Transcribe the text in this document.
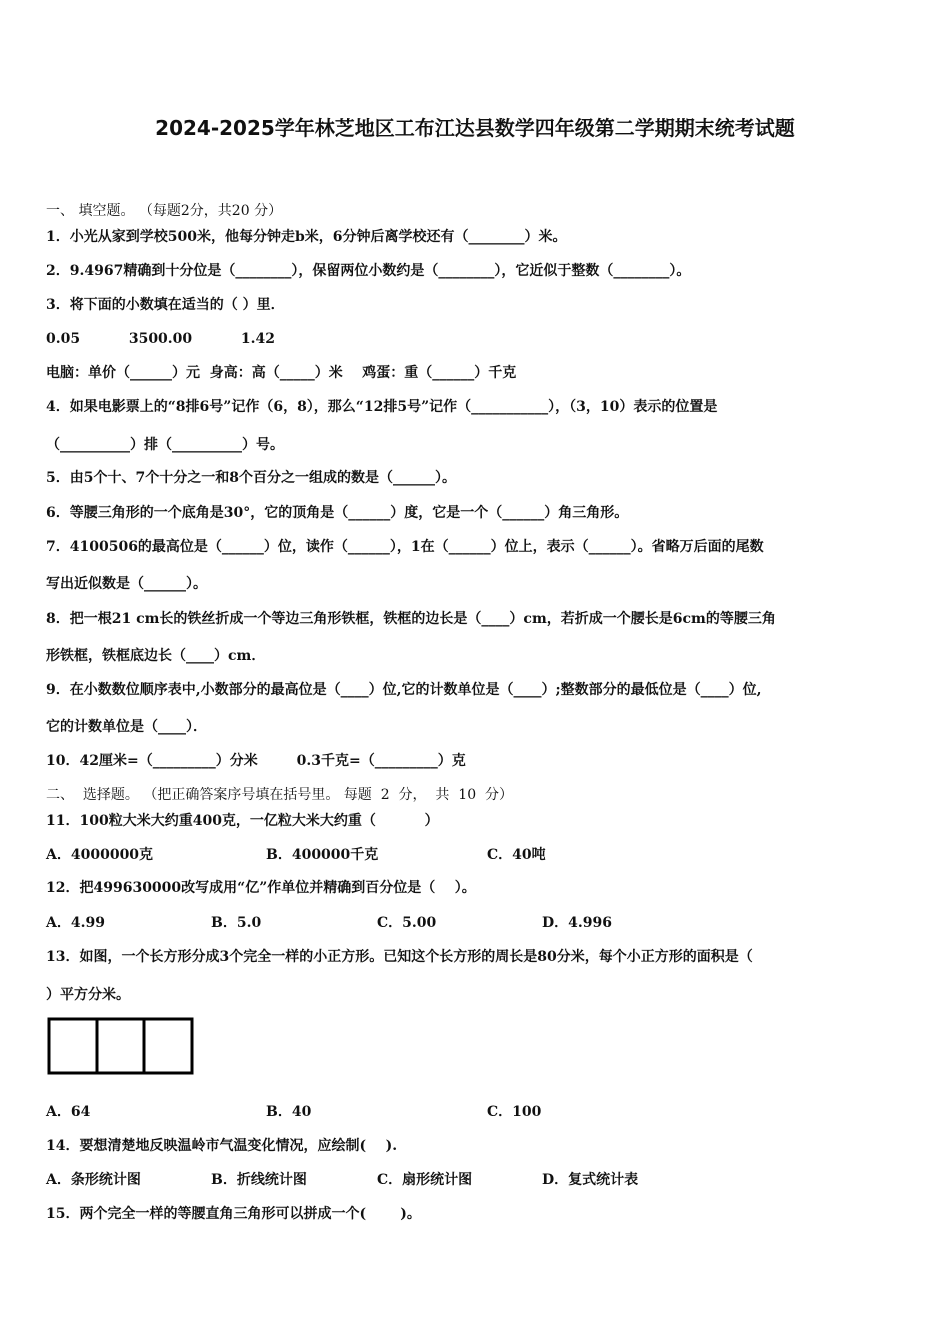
2024-2025学年林芝地区工布江达县数学四年级第二学期期末统考试题
一、 填空题。 （每题2分，共20 分）
1．小光从家到学校500米，他每分钟走b米，6分钟后离学校还有（________）米。
2．9.4967精确到十分位是（________），保留两位小数约是（________），它近似于整数（________）。
3．将下面的小数填在适当的（ ）里．
0.05          3500.00          1.42
电脑：单价（______）元  身高：高（_____）米    鸡蛋：重（______）千克
4．如果电影票上的“8排6号”记作（6，8），那么“12排5号”记作（___________），（3，10）表示的位置是
（__________）排（__________）号。
5．由5个十、7个十分之一和8个百分之一组成的数是（______）。
6．等腰三角形的一个底角是30°，它的顶角是（______）度，它是一个（______）角三角形。
7．4100506的最高位是（______）位，读作（______），1在（______）位上，表示（______）。省略万后面的尾数
写出近似数是（______）。
8．把一根21 cm长的铁丝折成一个等边三角形铁框，铁框的边长是（____）cm，若折成一个腰长是6cm的等腰三角
形铁框，铁框底边长（____）cm．
9．在小数数位顺序表中,小数部分的最高位是（____）位,它的计数单位是（____）;整数部分的最低位是（____）位,
它的计数单位是（____）．
10．42厘米=（_________）分米        0.3千克=（_________）克
二、  选择题。 （把正确答案序号填在括号里。 每题  2  分，  共  10  分）
11．100粒大米大约重400克，一亿粒大米大约重（          ）
A．4000000克	B．400000千克	C．40吨
12．把499630000改写成用“亿”作单位并精确到百分位是（    ）。
A．4.99	B．5.0	C．5.00	D．4.996
13．如图，一个长方形分成3个完全一样的小正方形。已知这个长方形的周长是80分米，每个小正方形的面积是（
）平方分米。
A．64	B．40	C．100
14．要想清楚地反映温岭市气温变化情况，应绘制(    ).
A．条形统计图	B．折线统计图	C．扇形统计图	D．复式统计表
15．两个完全一样的等腰直角三角形可以拼成一个(       )。
